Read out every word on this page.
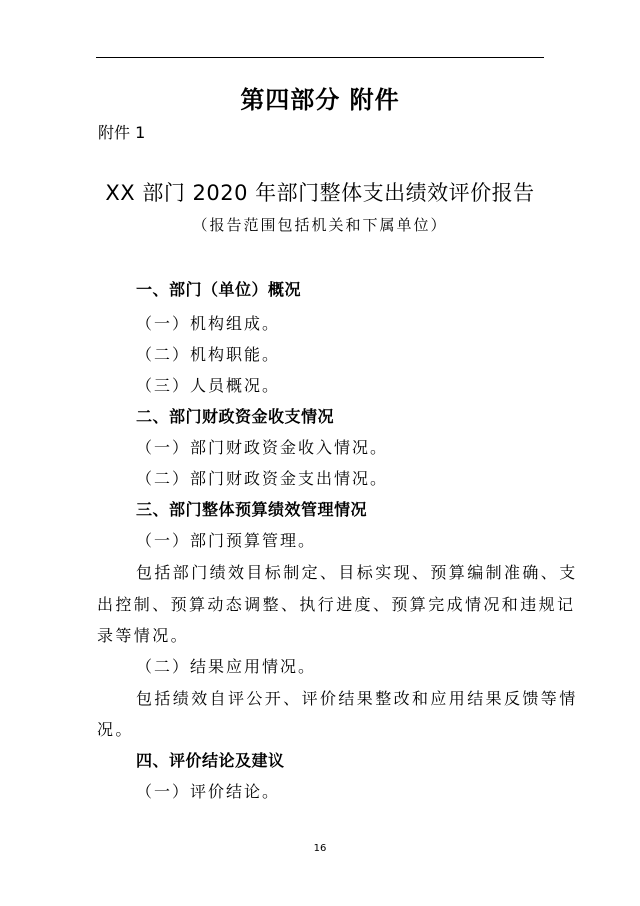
第四部分 附件
附件 1
XX 部门 2020 年部门整体支出绩效评价报告
（报告范围包括机关和下属单位）
一、部门（单位）概况
（一）机构组成。
（二）机构职能。
（三）人员概况。
二、部门财政资金收支情况
（一）部门财政资金收入情况。
（二）部门财政资金支出情况。
三、部门整体预算绩效管理情况
（一）部门预算管理。
包括部门绩效目标制定、目标实现、预算编制准确、支
出控制、预算动态调整、执行进度、预算完成情况和违规记
录等情况。
（二）结果应用情况。
包括绩效自评公开、评价结果整改和应用结果反馈等情
况。
四、评价结论及建议
（一）评价结论。
16
